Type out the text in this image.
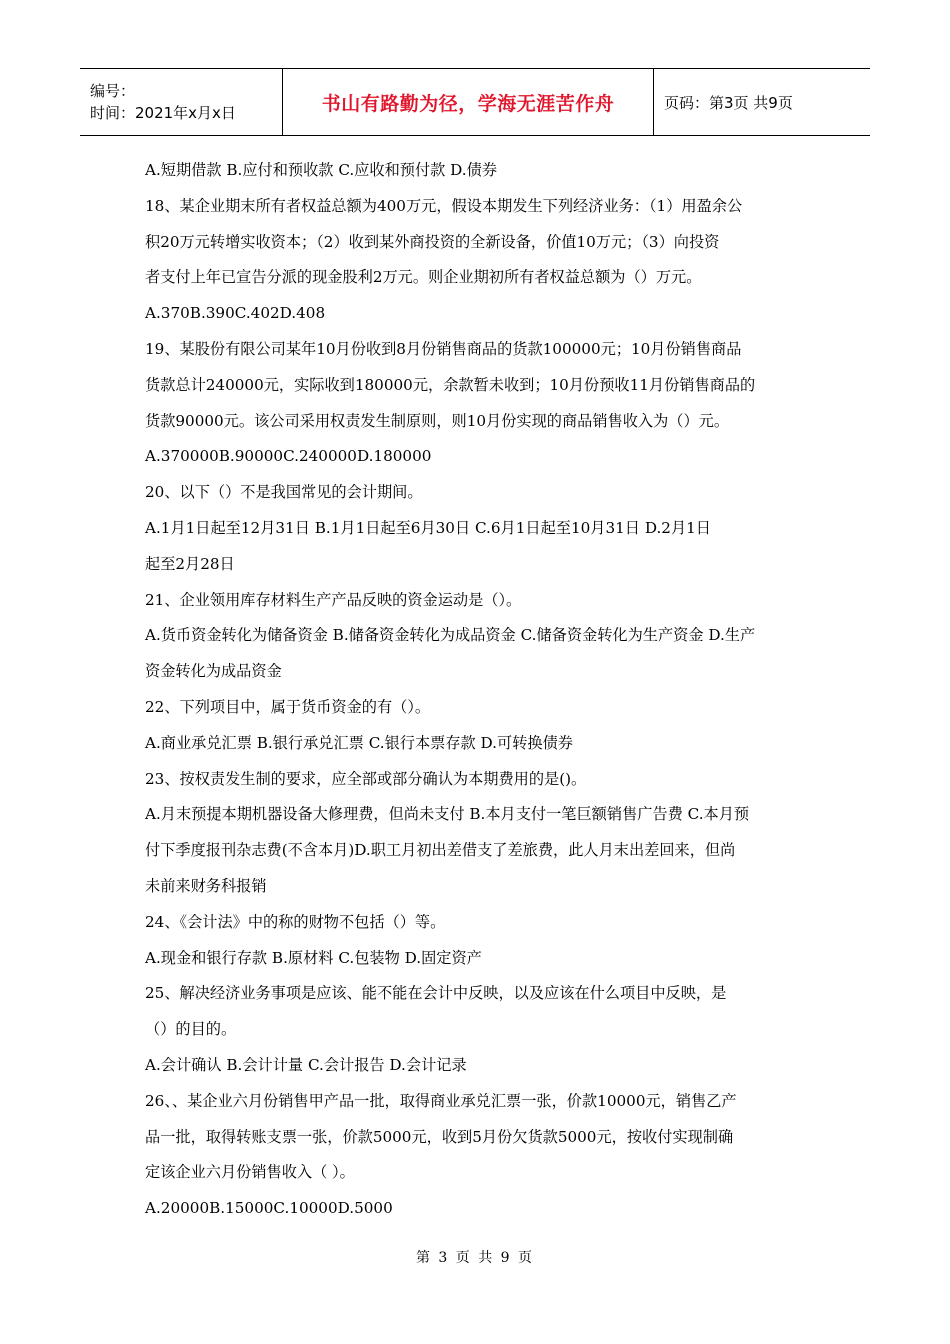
编号：
时间：2021年x月x日	书山有路勤为径，学海无涯苦作舟	页码：第3页 共9页

A.短期借款 B.应付和预收款 C.应收和预付款 D.债券

18、某企业期末所有者权益总额为400万元，假设本期发生下列经济业务：（1）用盈余公

积20万元转增实收资本；（2）收到某外商投资的全新设备，价值10万元；（3）向投资

者支付上年已宣告分派的现金股利2万元。则企业期初所有者权益总额为（）万元。

A.370B.390C.402D.408

19、某股份有限公司某年10月份收到8月份销售商品的货款100000元；10月份销售商品

货款总计240000元，实际收到180000元，余款暂未收到；10月份预收11月份销售商品的

货款90000元。该公司采用权责发生制原则，则10月份实现的商品销售收入为（）元。

A.370000B.90000C.240000D.180000

20、以下（）不是我国常见的会计期间。

A.1月1日起至12月31日 B.1月1日起至6月30日 C.6月1日起至10月31日 D.2月1日

起至2月28日

21、企业领用库存材料生产产品反映的资金运动是（）。

A.货币资金转化为储备资金 B.储备资金转化为成品资金 C.储备资金转化为生产资金 D.生产

资金转化为成品资金

22、下列项目中，属于货币资金的有（）。

A.商业承兑汇票 B.银行承兑汇票 C.银行本票存款 D.可转换债券

23、按权责发生制的要求，应全部或部分确认为本期费用的是()。

A.月末预提本期机器设备大修理费，但尚未支付 B.本月支付一笔巨额销售广告费 C.本月预

付下季度报刊杂志费(不含本月)D.职工月初出差借支了差旅费，此人月末出差回来，但尚

未前来财务科报销

24、《会计法》中的称的财物不包括（）等。

A.现金和银行存款 B.原材料 C.包装物 D.固定资产

25、解决经济业务事项是应该、能不能在会计中反映，以及应该在什么项目中反映，是

（）的目的。

A.会计确认 B.会计计量 C.会计报告 D.会计记录

26、、某企业六月份销售甲产品一批，取得商业承兑汇票一张，价款10000元，销售乙产

品一批，取得转账支票一张，价款5000元，收到5月份欠货款5000元，按收付实现制确

定该企业六月份销售收入（ ）。

A.20000B.15000C.10000D.5000

第 3 页 共 9 页
